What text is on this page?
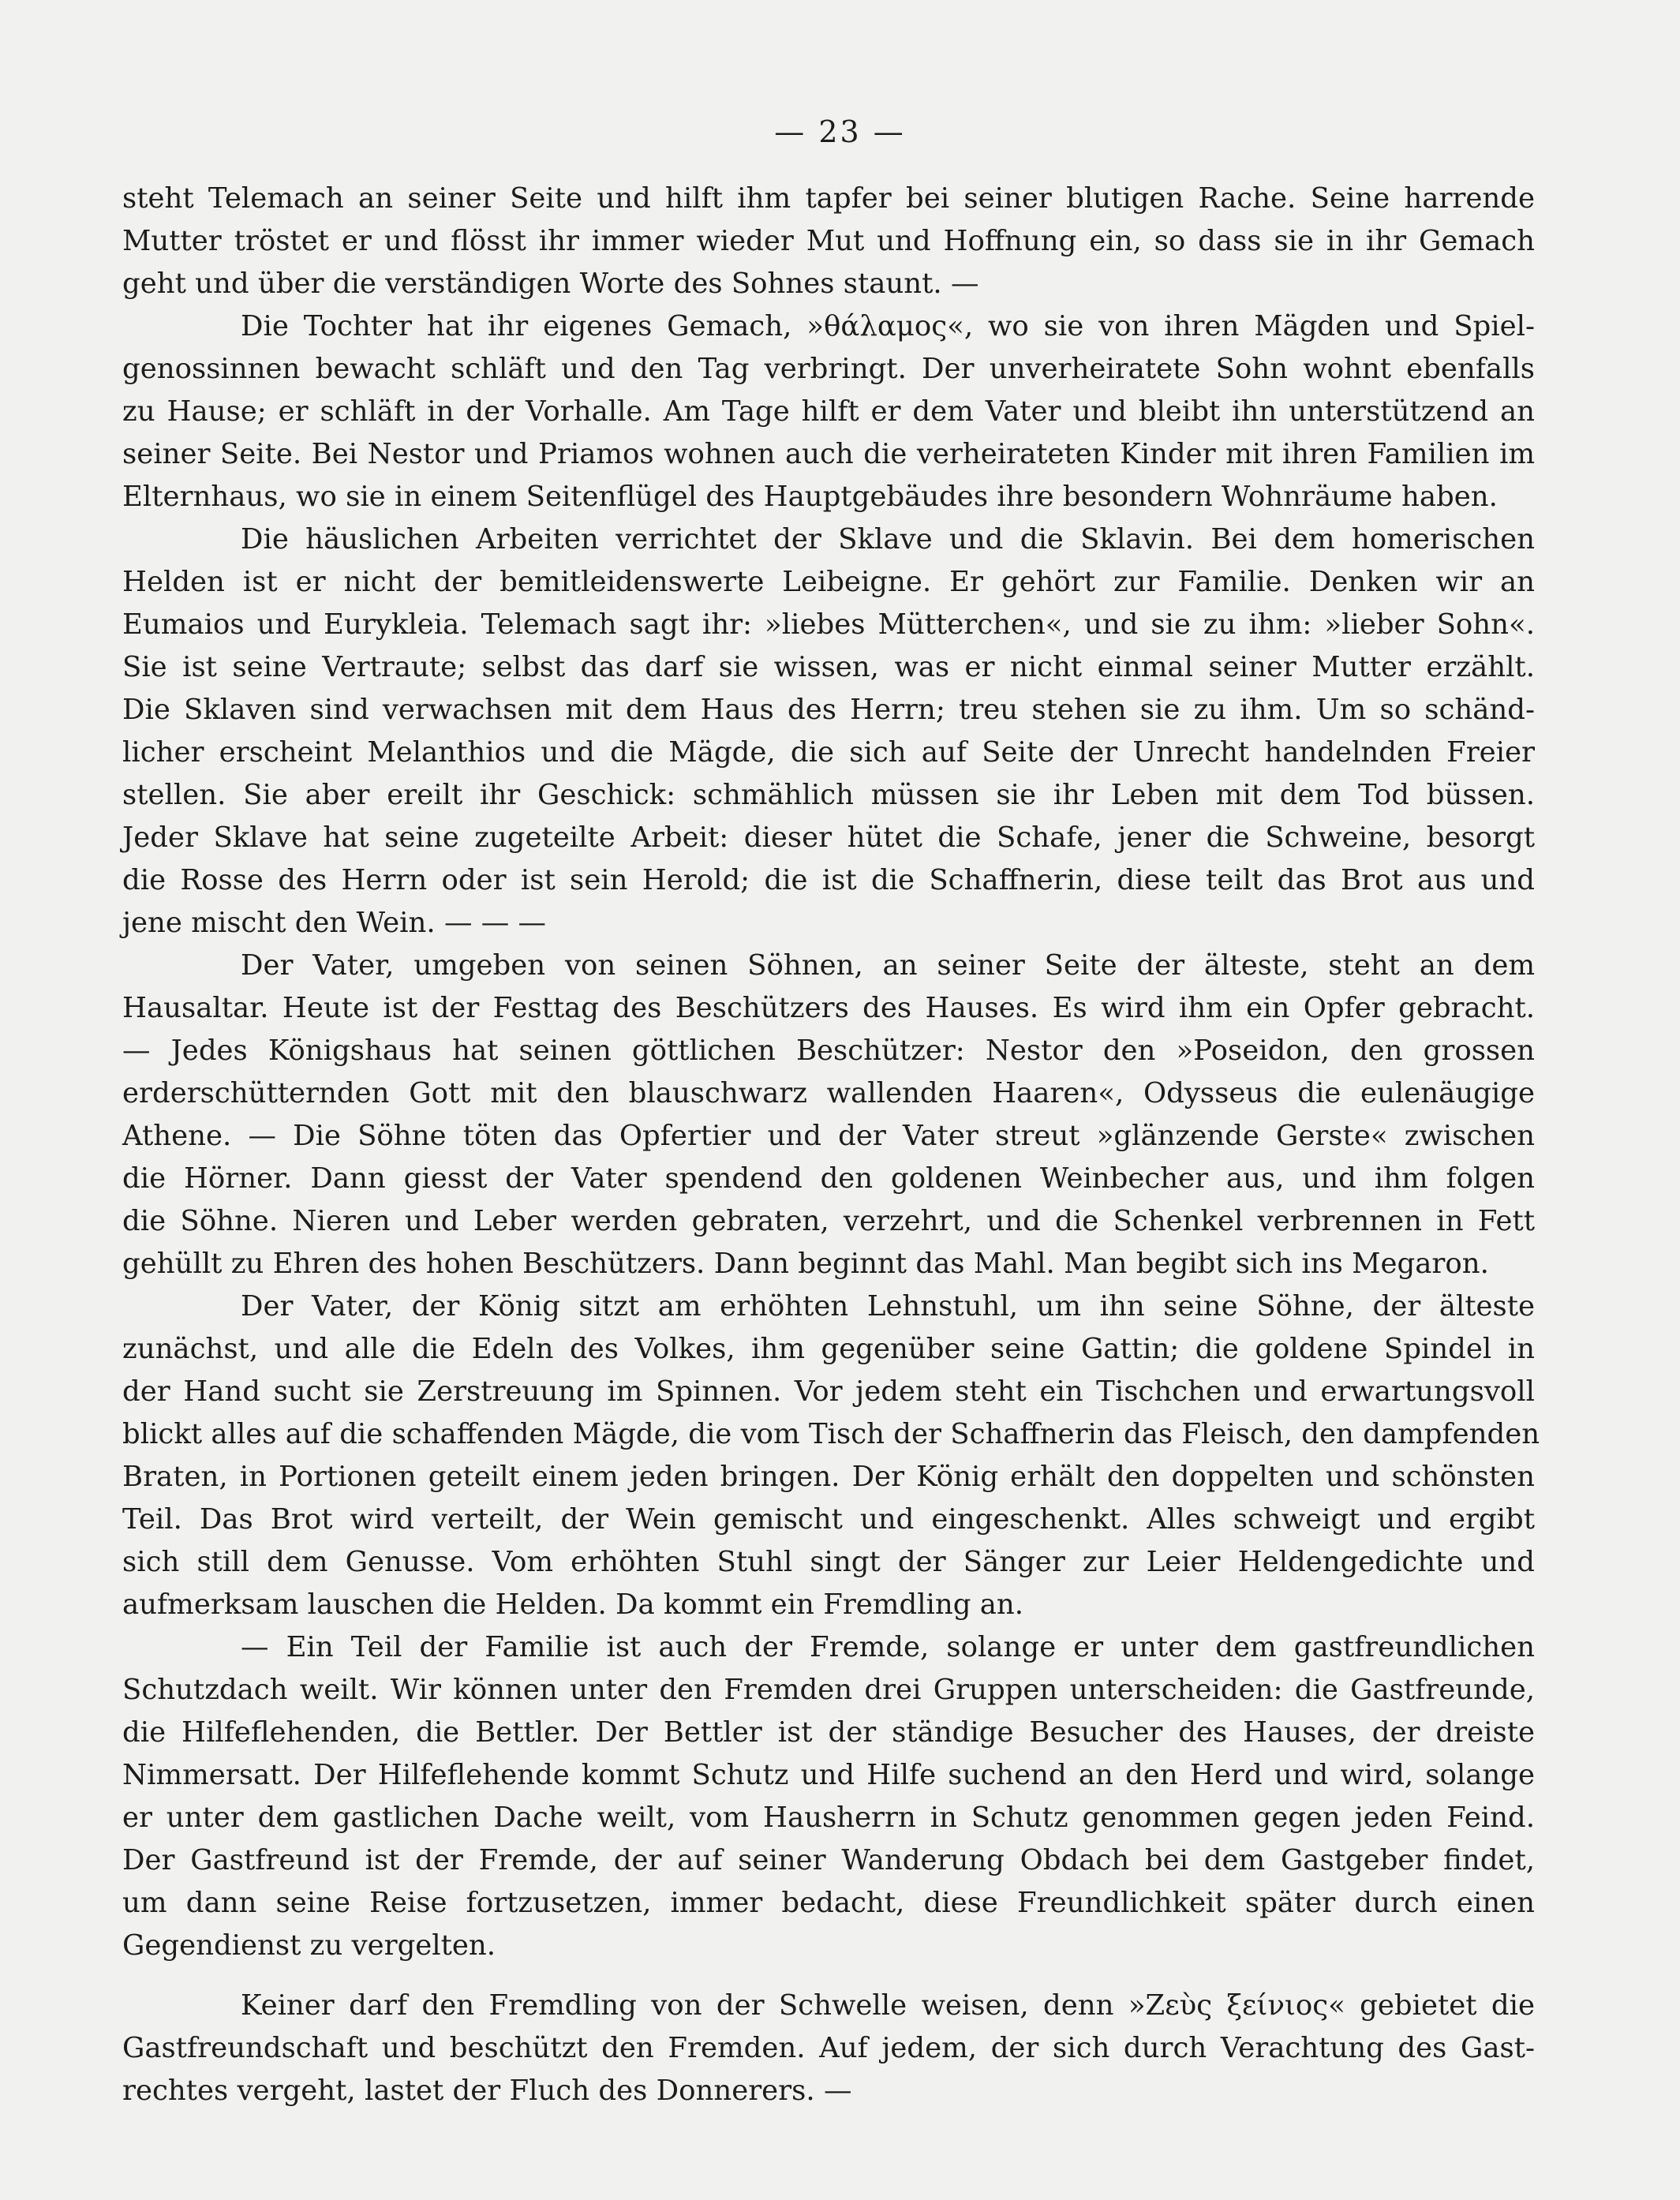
— 23 —
steht Telemach an seiner Seite und hilft ihm tapfer bei seiner blutigen Rache. Seine harrende
Mutter tröstet er und flösst ihr immer wieder Mut und Hoffnung ein, so dass sie in ihr Gemach
geht und über die verständigen Worte des Sohnes staunt. —
Die Tochter hat ihr eigenes Gemach, »θάλαμος«, wo sie von ihren Mägden und Spiel-
genossinnen bewacht schläft und den Tag verbringt. Der unverheiratete Sohn wohnt ebenfalls
zu Hause; er schläft in der Vorhalle. Am Tage hilft er dem Vater und bleibt ihn unterstützend an
seiner Seite. Bei Nestor und Priamos wohnen auch die verheirateten Kinder mit ihren Familien im
Elternhaus, wo sie in einem Seitenflügel des Hauptgebäudes ihre besondern Wohnräume haben.
Die häuslichen Arbeiten verrichtet der Sklave und die Sklavin. Bei dem homerischen
Helden ist er nicht der bemitleidenswerte Leibeigne. Er gehört zur Familie. Denken wir an
Eumaios und Eurykleia. Telemach sagt ihr: »liebes Mütterchen«, und sie zu ihm: »lieber Sohn«.
Sie ist seine Vertraute; selbst das darf sie wissen, was er nicht einmal seiner Mutter erzählt.
Die Sklaven sind verwachsen mit dem Haus des Herrn; treu stehen sie zu ihm. Um so schänd-
licher erscheint Melanthios und die Mägde, die sich auf Seite der Unrecht handelnden Freier
stellen. Sie aber ereilt ihr Geschick: schmählich müssen sie ihr Leben mit dem Tod büssen.
Jeder Sklave hat seine zugeteilte Arbeit: dieser hütet die Schafe, jener die Schweine, besorgt
die Rosse des Herrn oder ist sein Herold; die ist die Schaffnerin, diese teilt das Brot aus und
jene mischt den Wein. — — —
Der Vater, umgeben von seinen Söhnen, an seiner Seite der älteste, steht an dem
Hausaltar. Heute ist der Festtag des Beschützers des Hauses. Es wird ihm ein Opfer gebracht.
— Jedes Königshaus hat seinen göttlichen Beschützer: Nestor den »Poseidon, den grossen
erderschütternden Gott mit den blauschwarz wallenden Haaren«, Odysseus die eulenäugige
Athene. — Die Söhne töten das Opfertier und der Vater streut »glänzende Gerste« zwischen
die Hörner. Dann giesst der Vater spendend den goldenen Weinbecher aus, und ihm folgen
die Söhne. Nieren und Leber werden gebraten, verzehrt, und die Schenkel verbrennen in Fett
gehüllt zu Ehren des hohen Beschützers. Dann beginnt das Mahl. Man begibt sich ins Megaron.
Der Vater, der König sitzt am erhöhten Lehnstuhl, um ihn seine Söhne, der älteste
zunächst, und alle die Edeln des Volkes, ihm gegenüber seine Gattin; die goldene Spindel in
der Hand sucht sie Zerstreuung im Spinnen. Vor jedem steht ein Tischchen und erwartungsvoll
blickt alles auf die schaffenden Mägde, die vom Tisch der Schaffnerin das Fleisch, den dampfenden
Braten, in Portionen geteilt einem jeden bringen. Der König erhält den doppelten und schönsten
Teil. Das Brot wird verteilt, der Wein gemischt und eingeschenkt. Alles schweigt und ergibt
sich still dem Genusse. Vom erhöhten Stuhl singt der Sänger zur Leier Heldengedichte und
aufmerksam lauschen die Helden. Da kommt ein Fremdling an.
— Ein Teil der Familie ist auch der Fremde, solange er unter dem gastfreundlichen
Schutzdach weilt. Wir können unter den Fremden drei Gruppen unterscheiden: die Gastfreunde,
die Hilfeflehenden, die Bettler. Der Bettler ist der ständige Besucher des Hauses, der dreiste
Nimmersatt. Der Hilfeflehende kommt Schutz und Hilfe suchend an den Herd und wird, solange
er unter dem gastlichen Dache weilt, vom Hausherrn in Schutz genommen gegen jeden Feind.
Der Gastfreund ist der Fremde, der auf seiner Wanderung Obdach bei dem Gastgeber findet,
um dann seine Reise fortzusetzen, immer bedacht, diese Freundlichkeit später durch einen
Gegendienst zu vergelten.
Keiner darf den Fremdling von der Schwelle weisen, denn »Ζεὺς ξείνιος« gebietet die
Gastfreundschaft und beschützt den Fremden. Auf jedem, der sich durch Verachtung des Gast-
rechtes vergeht, lastet der Fluch des Donnerers. —
